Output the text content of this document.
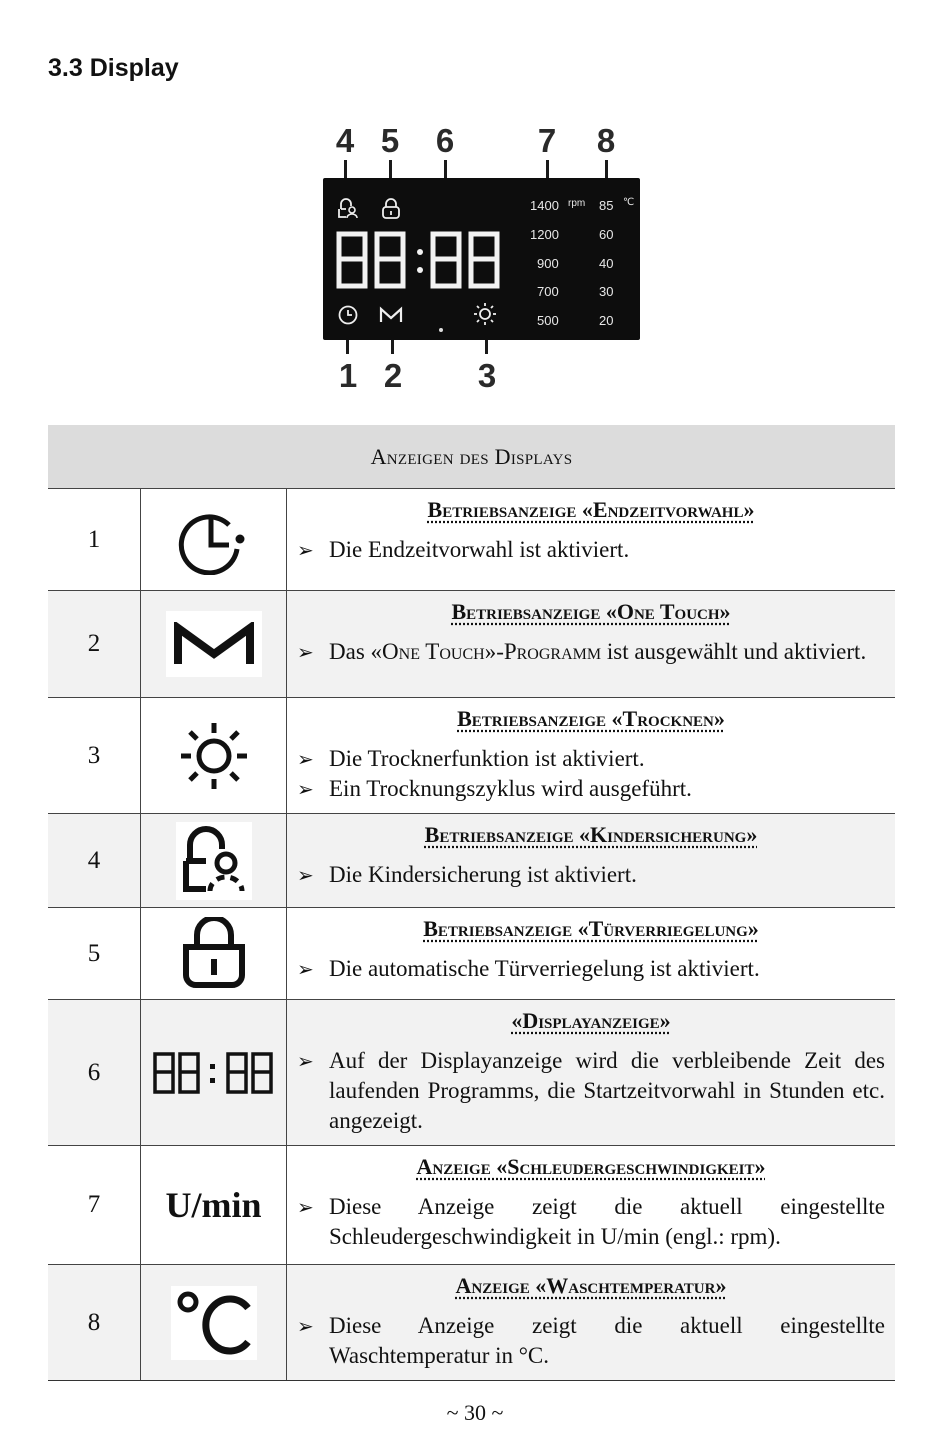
3.3 Display
4 5 6	7 8
1400 rpm
1200
900
700
500
85 ℃
60
40
30
20
1 2 3
Anzeigen des Displays
1
Betriebsanzeige «Endzeitvorwahl»
➢ Die Endzeitvorwahl ist aktiviert.
2
Betriebsanzeige «One Touch»
➢ Das «One Touch»-Programm ist ausgewählt und aktiviert.
3
Betriebsanzeige «Trocknen»
➢ Die Trocknerfunktion ist aktiviert.
➢ Ein Trocknungszyklus wird ausgeführt.
4
Betriebsanzeige «Kindersicherung»
➢ Die Kindersicherung ist aktiviert.
5
Betriebsanzeige «Türverriegelung»
➢ Die automatische Türverriegelung ist aktiviert.
6
«Displayanzeige»
➢ Auf der Displayanzeige wird die verbleibende Zeit des laufenden Programms, die Startzeitvorwahl in Stunden etc. angezeigt.
7	U/min
Anzeige «Schleudergeschwindigkeit»
➢ Diese Anzeige zeigt die aktuell eingestellte Schleudergeschwindigkeit in U/min (engl.: rpm).
8
Anzeige «Waschtemperatur»
➢ Diese Anzeige zeigt die aktuell eingestellte Waschtemperatur in °C.
~ 30 ~
